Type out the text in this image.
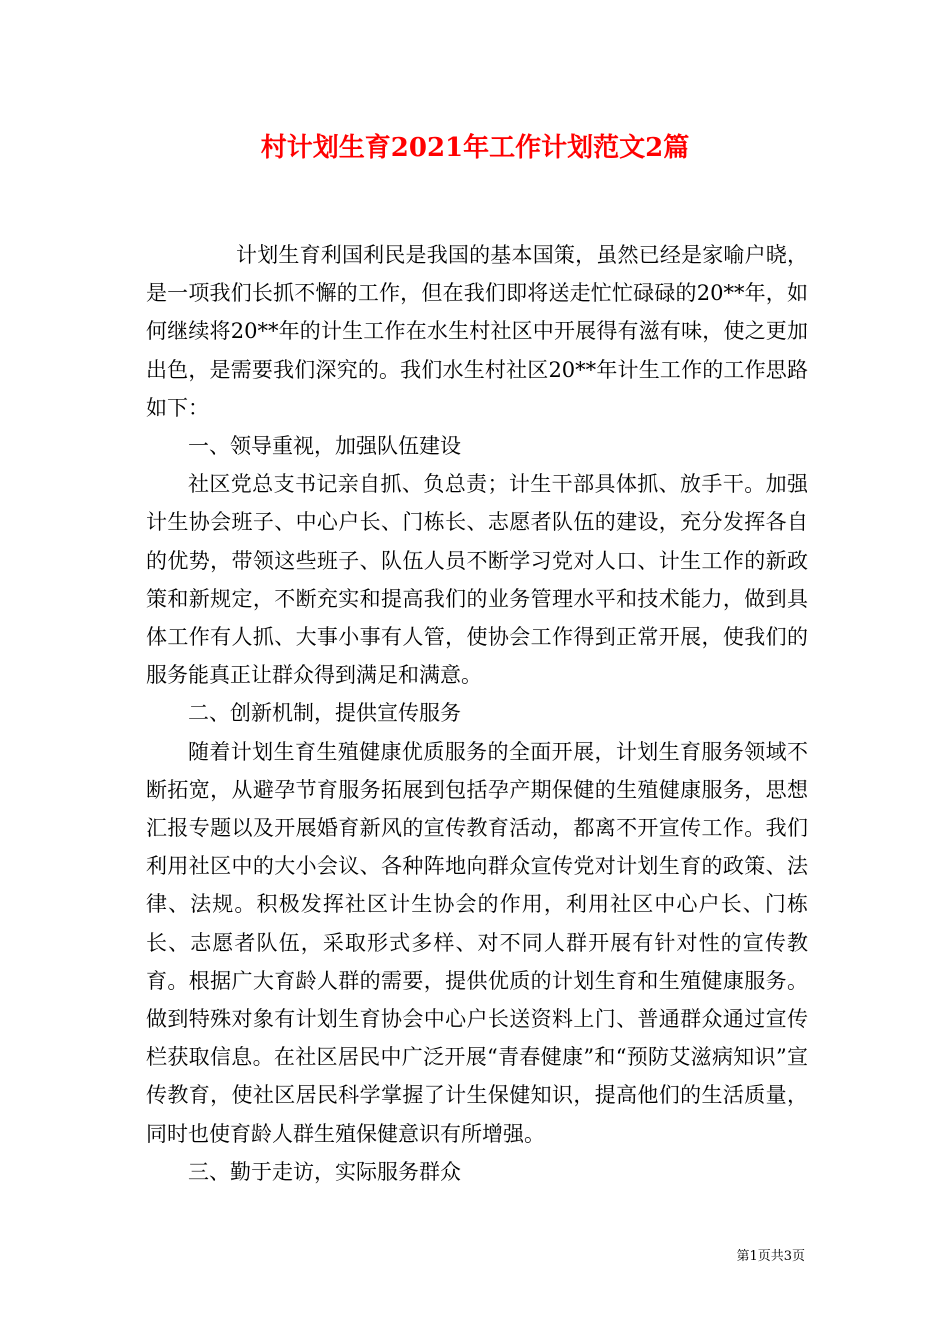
村计划生育2021年工作计划范文2篇

计划生育利国利民是我国的基本国策，虽然已经是家喻户晓，是一项我们长抓不懈的工作，但在我们即将送走忙忙碌碌的20**年，如何继续将20**年的计生工作在水生村社区中开展得有滋有味，使之更加出色，是需要我们深究的。我们水生村社区20**年计生工作的工作思路如下：

一、领导重视，加强队伍建设

社区党总支书记亲自抓、负总责；计生干部具体抓、放手干。加强计生协会班子、中心户长、门栋长、志愿者队伍的建设，充分发挥各自的优势，带领这些班子、队伍人员不断学习党对人口、计生工作的新政策和新规定，不断充实和提高我们的业务管理水平和技术能力，做到具体工作有人抓、大事小事有人管，使协会工作得到正常开展，使我们的服务能真正让群众得到满足和满意。

二、创新机制，提供宣传服务

随着计划生育生殖健康优质服务的全面开展，计划生育服务领域不断拓宽，从避孕节育服务拓展到包括孕产期保健的生殖健康服务，思想汇报专题以及开展婚育新风的宣传教育活动，都离不开宣传工作。我们利用社区中的大小会议、各种阵地向群众宣传党对计划生育的政策、法律、法规。积极发挥社区计生协会的作用，利用社区中心户长、门栋长、志愿者队伍，采取形式多样、对不同人群开展有针对性的宣传教育。根据广大育龄人群的需要，提供优质的计划生育和生殖健康服务。做到特殊对象有计划生育协会中心户长送资料上门、普通群众通过宣传栏获取信息。在社区居民中广泛开展“青春健康”和“预防艾滋病知识”宣传教育，使社区居民科学掌握了计生保健知识，提高他们的生活质量，同时也使育龄人群生殖保健意识有所增强。

三、勤于走访，实际服务群众

第1页共3页
